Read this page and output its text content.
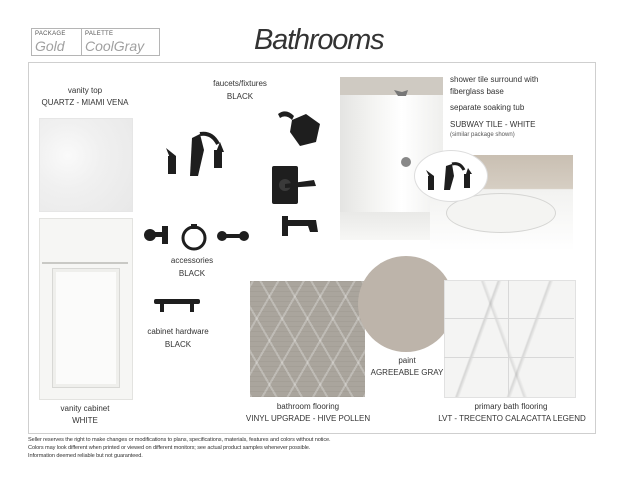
PACKAGE
Gold
PALETTE
CoolGray	Bathrooms
vanity top
QUARTZ - MIAMI VENA
vanity cabinet
WHITE
faucets/fixtures
BLACK
accessories
BLACK
cabinet hardware
BLACK
shower tile surround with
fiberglass base
separate soaking tub
SUBWAY TILE - WHITE
(similar package shown)
bathroom flooring
VINYL UPGRADE - HIVE POLLEN
paint
AGREEABLE GRAY
primary bath flooring
LVT - TRECENTO CALACATTA LEGEND
Seller reserves the right to make changes or modifications to plans, specifications, materials, features and colors without notice.
Colors may look different when printed or viewed on different monitors; see actual product samples whenever possible.
Information deemed reliable but not guaranteed.
